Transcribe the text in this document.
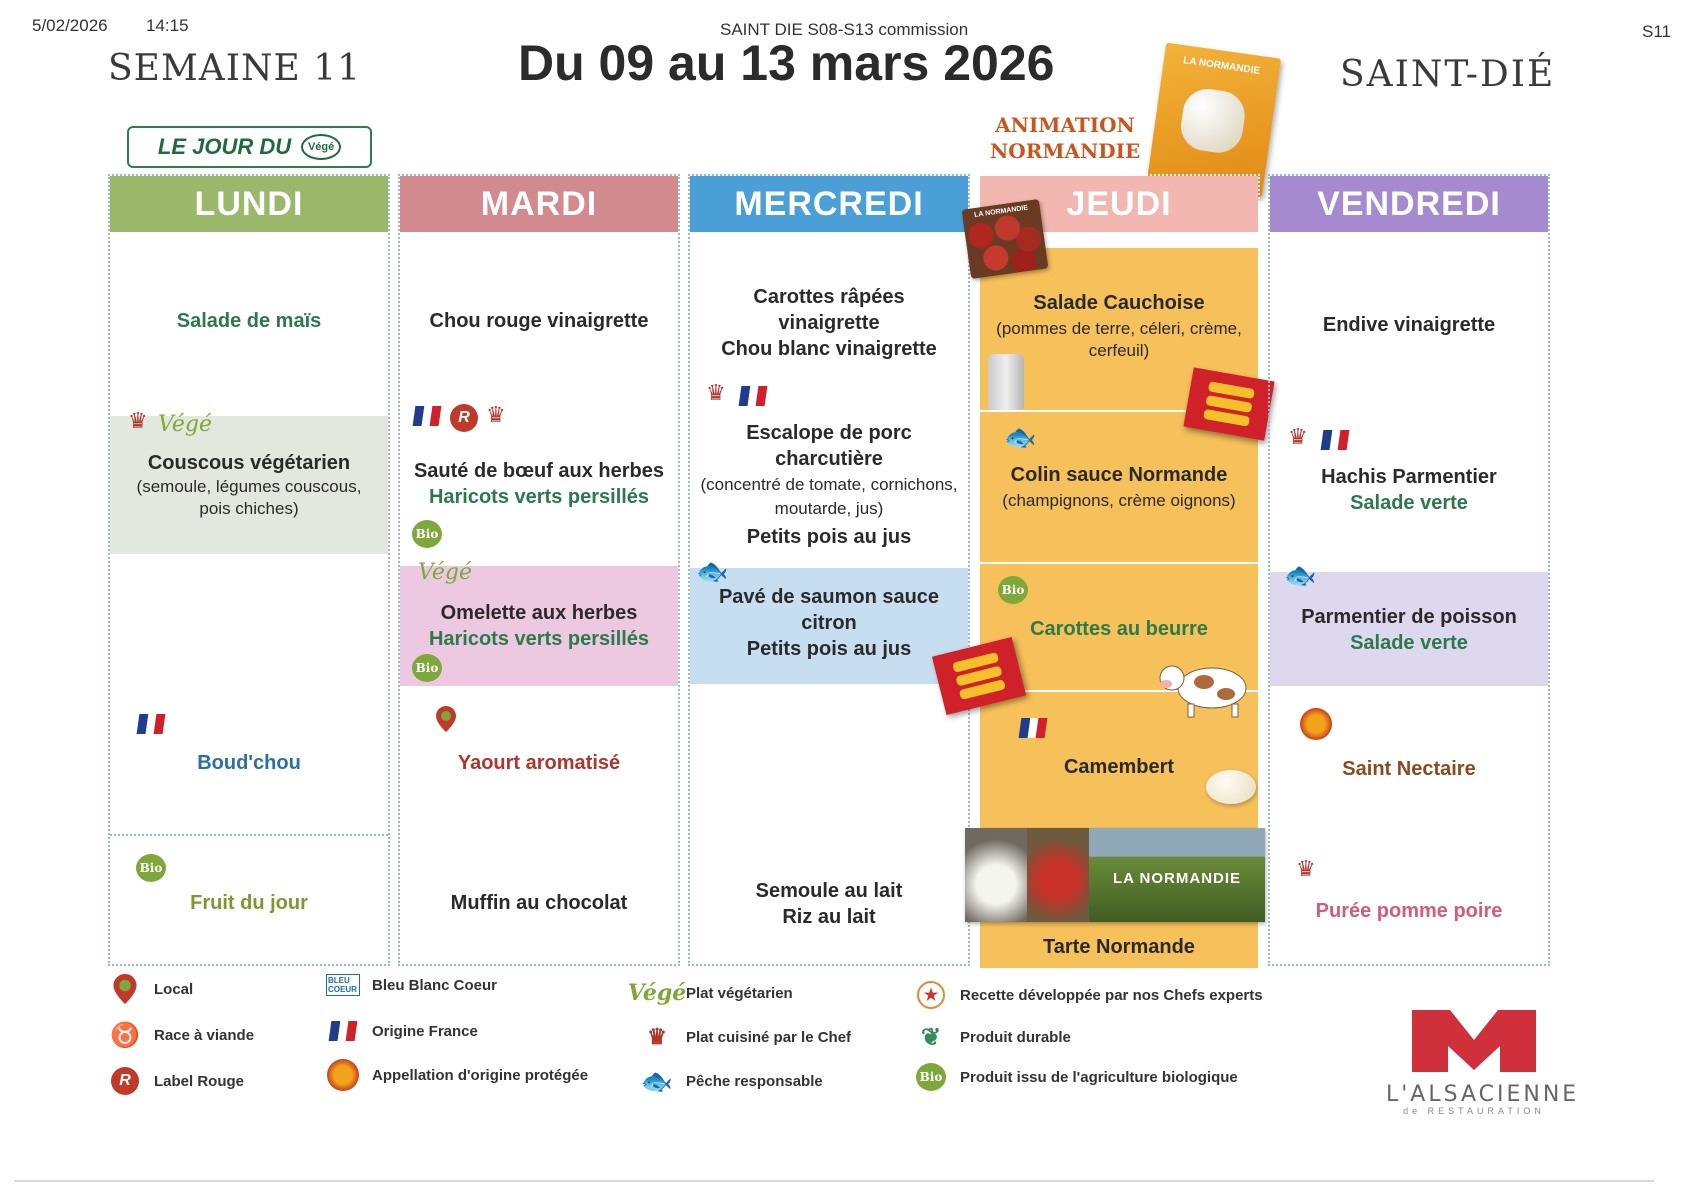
5/02/2026 14:15	S11
SAINT DIE S08-S13 commission
SEMAINE 11	Du 09 au 13 mars 2026	SAINT-DIÉ
LE JOUR DU	Végé
ANIMATION
NORMANDIE
LA NORMANDIE
LUNDI
Salade de maïs
♛ Végé
Couscous végétarien
(semoule, légumes couscous, pois chiches)
Boud'chou
Bio
Fruit du jour
MARDI
Chou rouge vinaigrette
R ♛
Sauté de bœuf aux herbes
Haricots verts persillés
Bio
Végé
Omelette aux herbes
Haricots verts persillés
Bio
Yaourt aromatisé
Muffin au chocolat
MERCREDI
Carottes râpées
vinaigrette
Chou blanc vinaigrette
♛
Escalope de porc
charcutière
(concentré de tomate, cornichons,
moutarde, jus)
Petits pois au jus
🐟
Pavé de saumon sauce
citron
Petits pois au jus
Semoule au lait
Riz au lait
JEUDI
Salade Cauchoise
(pommes de terre, céleri, crème, cerfeuil)
🐟
Colin sauce Normande
(champignons, crème oignons)
Bio
Carottes au beurre
Camembert
Tarte Normande
LA NORMANDIE
LA NORMANDIE
VENDREDI
Endive vinaigrette
♛
Hachis Parmentier
Salade verte
🐟
Parmentier de poisson
Salade verte
Saint Nectaire
♛
Purée pomme poire
Local
♉ Race à viande
R	Label Rouge
BLEU COEUR Bleu Blanc Coeur
Origine France
Appellation d'origine protégée
Végé Plat végétarien
♛ Plat cuisiné par le Chef
🐟 Pêche responsable
★	Recette développée par nos Chefs experts
❦	Produit durable
Bio Produit issu de l'agriculture biologique
L'ALSACIENNE
de RESTAURATION
